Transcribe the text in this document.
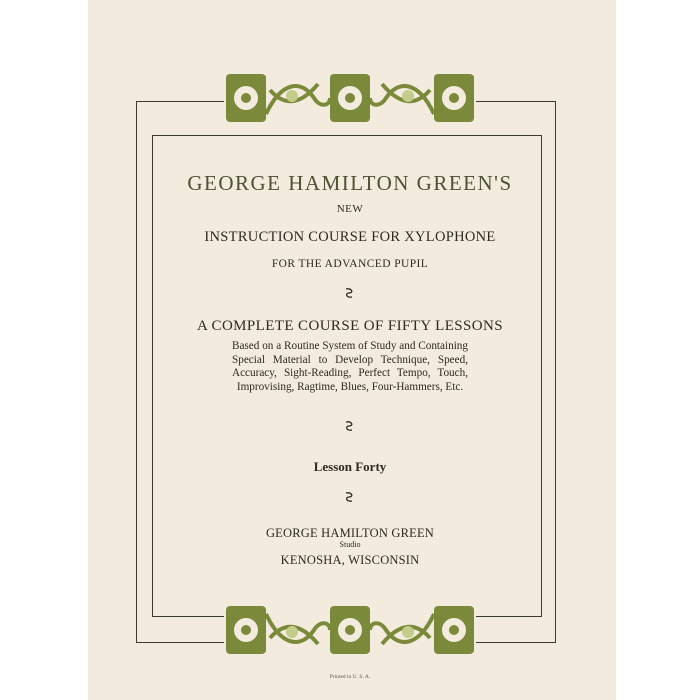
GEORGE HAMILTON GREEN'S

NEW

INSTRUCTION COURSE FOR XYLOPHONE

FOR THE ADVANCED PUPIL

A COMPLETE COURSE OF FIFTY LESSONS

Based on a Routine System of Study and Containing Special Material to Develop Technique, Speed, Accuracy, Sight-Reading, Perfect Tempo, Touch, Improvising, Ragtime, Blues, Four-Hammers, Etc.

Lesson Forty

GEORGE HAMILTON GREEN

Studio

KENOSHA, WISCONSIN

Printed in U. S. A.
